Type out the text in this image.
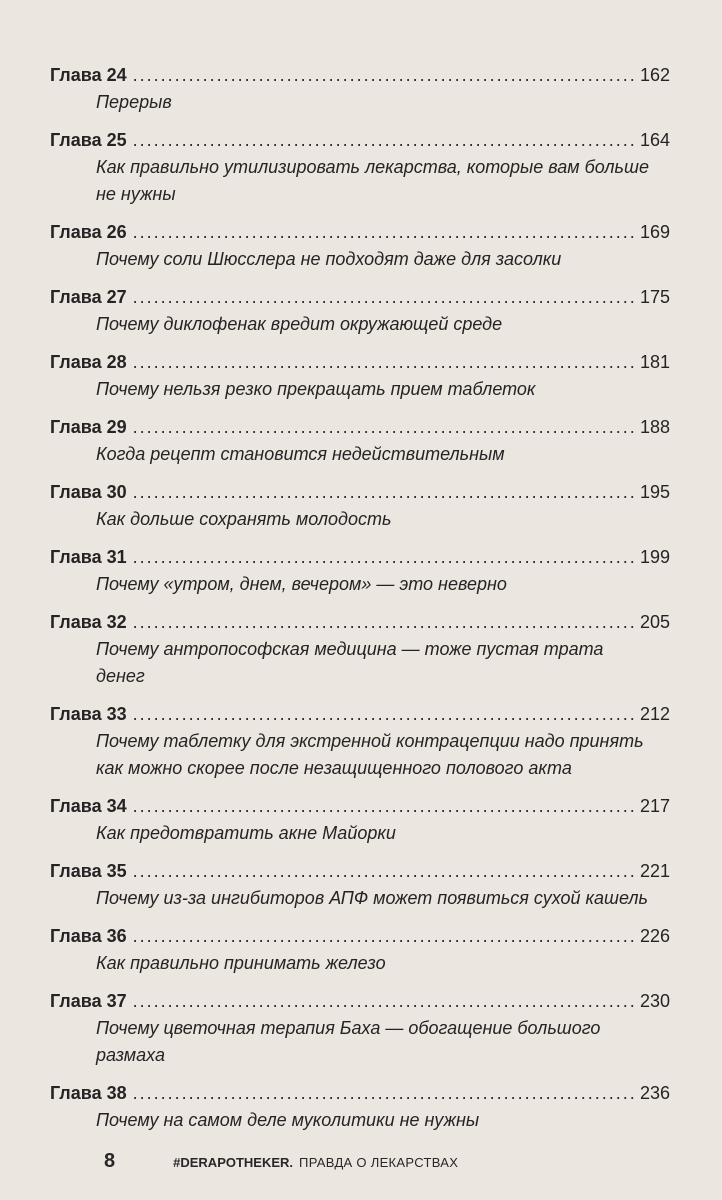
Глава 24 .....	162
Перерыв
Глава 25 .....	164
Как правильно утилизировать лекарства, которые вам больше не нужны
Глава 26 .....	169
Почему соли Шюсслера не подходят даже для засолки
Глава 27 .....	175
Почему диклофенак вредит окружающей среде
Глава 28 .....	181
Почему нельзя резко прекращать прием таблеток
Глава 29 .....	188
Когда рецепт становится недействительным
Глава 30 .....	195
Как дольше сохранять молодость
Глава 31 .....	199
Почему «утром, днем, вечером» — это неверно
Глава 32 .....	205
Почему антропософская медицина — тоже пустая трата денег
Глава 33 .....	212
Почему таблетку для экстренной контрацепции надо принять как можно скорее после незащищенного полового акта
Глава 34 .....	217
Как предотвратить акне Майорки
Глава 35 .....	221
Почему из-за ингибиторов АПФ может появиться сухой кашель
Глава 36 .....	226
Как правильно принимать железо
Глава 37 .....	230
Почему цветочная терапия Баха — обогащение большого размаха
Глава 38 .....	236
Почему на самом деле муколитики не нужны
8	#DERAPOTHEKER. ПРАВДА О ЛЕКАРСТВАХ
